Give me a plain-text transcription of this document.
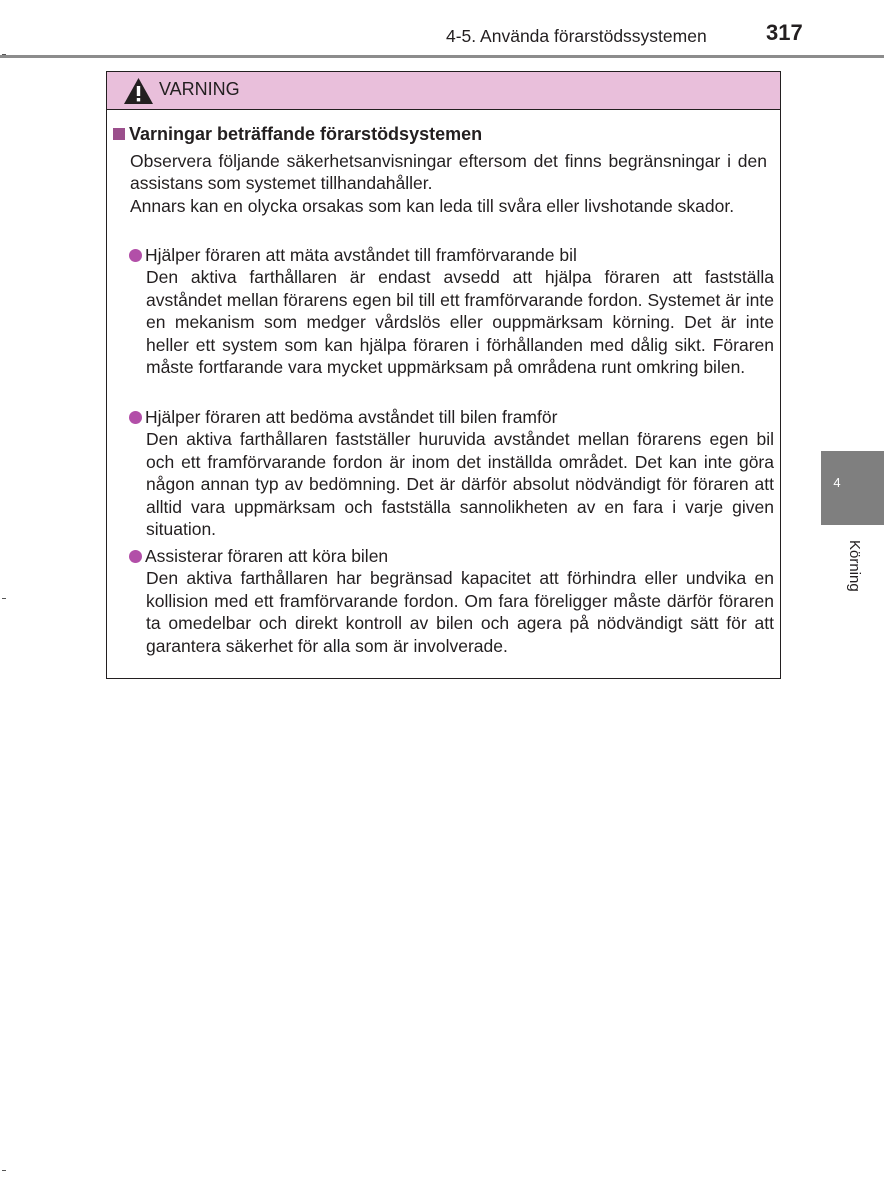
4-5. Använda förarstödssystemen	317
4
Körning
VARNING
Varningar beträffande förarstödsystemen
Observera följande säkerhetsanvisningar eftersom det finns begränsningar i den assistans som systemet tillhandahåller.
Annars kan en olycka orsakas som kan leda till svåra eller livshotande skador.
Hjälper föraren att mäta avståndet till framförvarande bil
Den aktiva farthållaren är endast avsedd att hjälpa föraren att fastställa avståndet mellan förarens egen bil till ett framförvarande fordon. Systemet är inte en mekanism som medger vårdslös eller ouppmärksam körning. Det är inte heller ett system som kan hjälpa föraren i förhållanden med dålig sikt. Föraren måste fortfarande vara mycket uppmärksam på områdena runt omkring bilen.
Hjälper föraren att bedöma avståndet till bilen framför
Den aktiva farthållaren fastställer huruvida avståndet mellan förarens egen bil och ett framförvarande fordon är inom det inställda området. Det kan inte göra någon annan typ av bedömning. Det är därför absolut nödvändigt för föraren att alltid vara uppmärksam och fastställa sannolikheten av en fara i varje given situation.
Assisterar föraren att köra bilen
Den aktiva farthållaren har begränsad kapacitet att förhindra eller undvika en kollision med ett framförvarande fordon. Om fara föreligger måste därför föraren ta omedelbar och direkt kontroll av bilen och agera på nödvändigt sätt för att garantera säkerhet för alla som är involverade.
